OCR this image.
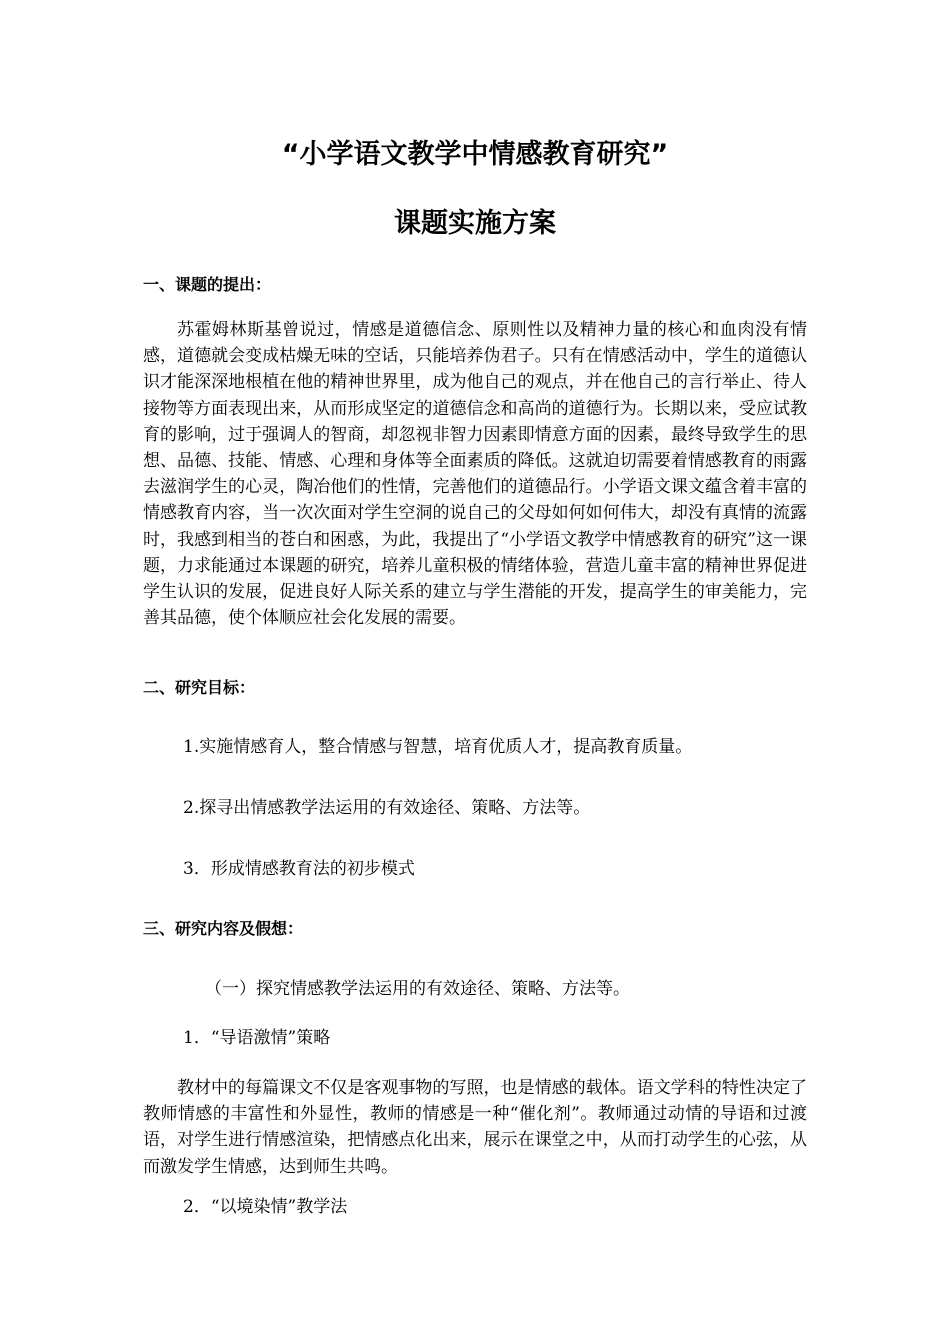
“小学语文教学中情感教育研究”
课题实施方案
一、课题的提出：

苏霍姆林斯基曾说过，情感是道德信念、原则性以及精神力量的核心和血肉没有情感，道德就会变成枯燥无味的空话，只能培养伪君子。只有在情感活动中，学生的道德认识才能深深地根植在他的精神世界里，成为他自己的观点，并在他自己的言行举止、待人接物等方面表现出来，从而形成坚定的道德信念和高尚的道德行为。长期以来，受应试教育的影响，过于强调人的智商，却忽视非智力因素即情意方面的因素，最终导致学生的思想、品德、技能、情感、心理和身体等全面素质的降低。这就迫切需要着情感教育的雨露去滋润学生的心灵，陶冶他们的性情，完善他们的道德品行。小学语文课文蕴含着丰富的情感教育内容，当一次次面对学生空洞的说自己的父母如何如何伟大，却没有真情的流露时，我感到相当的苍白和困惑，为此，我提出了“小学语文教学中情感教育的研究”这一课题，力求能通过本课题的研究，培养儿童积极的情绪体验，营造儿童丰富的精神世界促进学生认识的发展，促进良好人际关系的建立与学生潜能的开发，提高学生的审美能力，完善其品德，使个体顺应社会化发展的需要。

二、研究目标：

1.实施情感育人，整合情感与智慧，培育优质人才，提高教育质量。

2.探寻出情感教学法运用的有效途径、策略、方法等。

3．形成情感教育法的初步模式

三、研究内容及假想：

（一）探究情感教学法运用的有效途径、策略、方法等。

1．“导语激情”策略

教材中的每篇课文不仅是客观事物的写照，也是情感的载体。语文学科的特性决定了教师情感的丰富性和外显性，教师的情感是一种“催化剂”。教师通过动情的导语和过渡语，对学生进行情感渲染，把情感点化出来，展示在课堂之中，从而打动学生的心弦，从而激发学生情感，达到师生共鸣。

2．“以境染情”教学法
